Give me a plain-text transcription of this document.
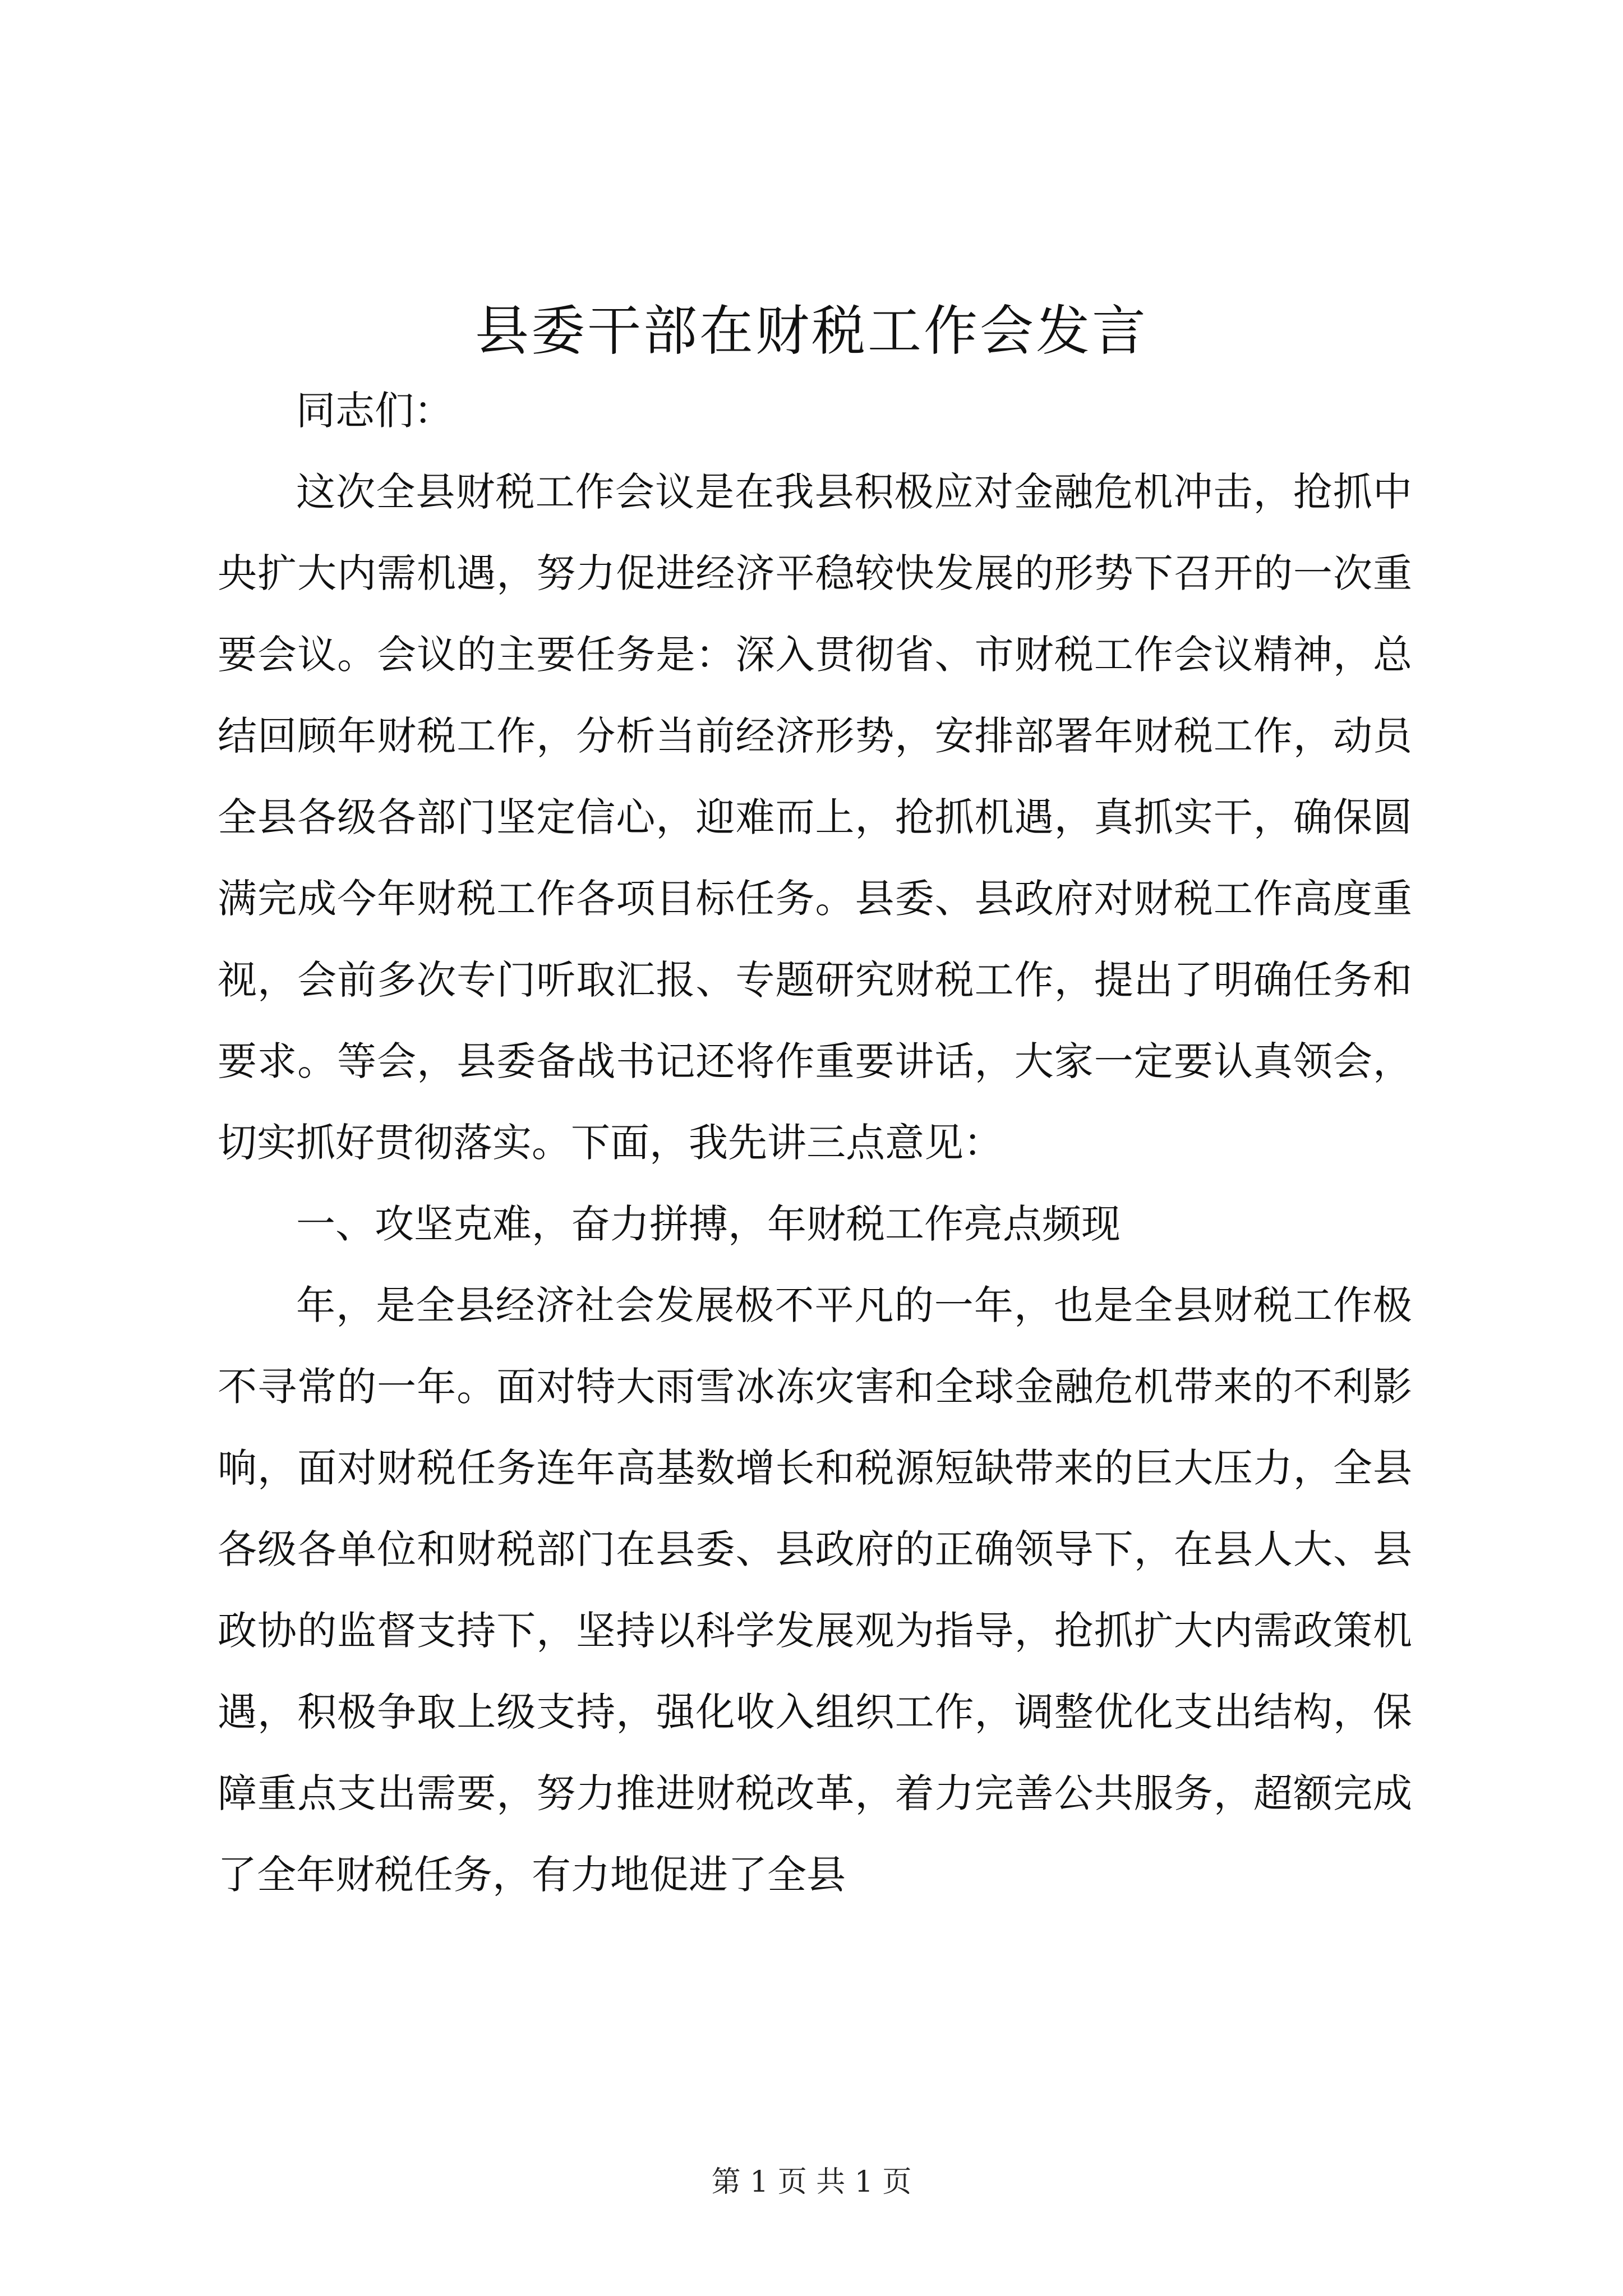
县委干部在财税工作会发言

同志们：

这次全县财税工作会议是在我县积极应对金融危机冲击，抢抓中央扩大内需机遇，努力促进经济平稳较快发展的形势下召开的一次重要会议。会议的主要任务是：深入贯彻省、市财税工作会议精神，总结回顾年财税工作，分析当前经济形势，安排部署年财税工作，动员全县各级各部门坚定信心，迎难而上，抢抓机遇，真抓实干，确保圆满完成今年财税工作各项目标任务。县委、县政府对财税工作高度重视，会前多次专门听取汇报、专题研究财税工作，提出了明确任务和要求。等会，县委备战书记还将作重要讲话，大家一定要认真领会，切实抓好贯彻落实。下面，我先讲三点意见：

一、攻坚克难，奋力拼搏，年财税工作亮点频现

年，是全县经济社会发展极不平凡的一年，也是全县财税工作极不寻常的一年。面对特大雨雪冰冻灾害和全球金融危机带来的不利影响，面对财税任务连年高基数增长和税源短缺带来的巨大压力，全县各级各单位和财税部门在县委、县政府的正确领导下，在县人大、县政协的监督支持下，坚持以科学发展观为指导，抢抓扩大内需政策机遇，积极争取上级支持，强化收入组织工作，调整优化支出结构，保障重点支出需要，努力推进财税改革，着力完善公共服务，超额完成了全年财税任务，有力地促进了全县

第 1 页 共 1 页
